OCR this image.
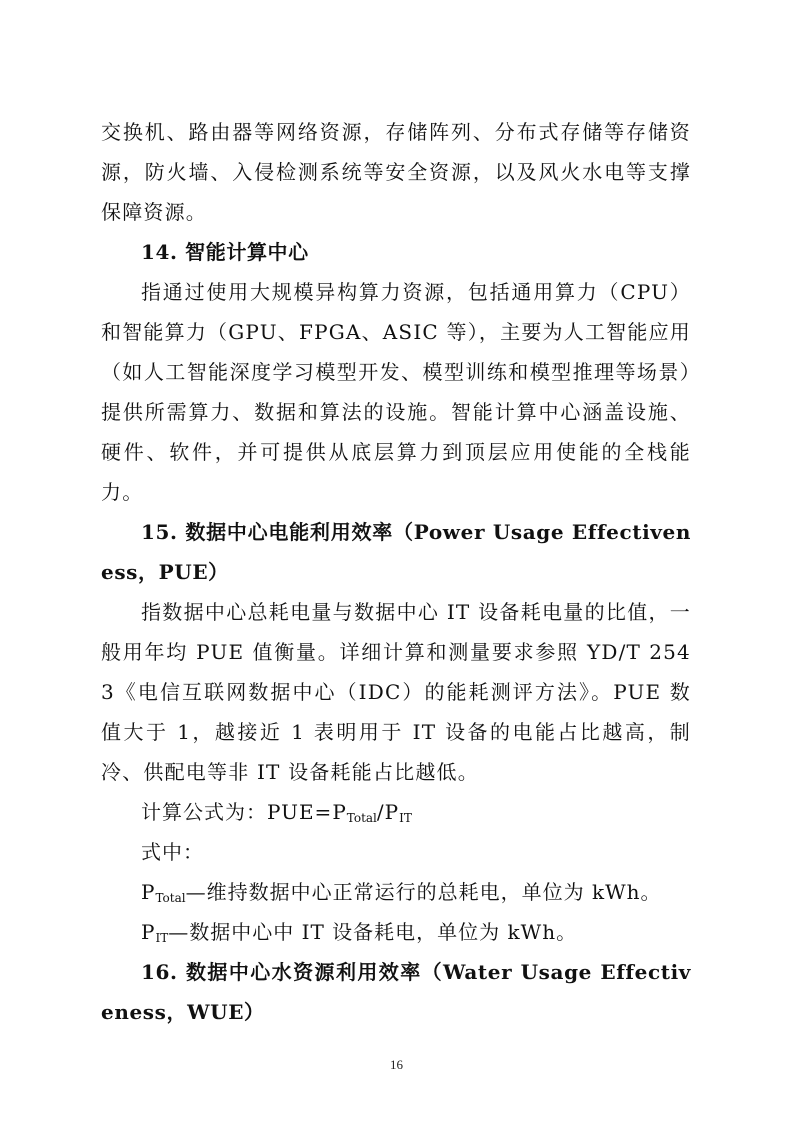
交换机、路由器等网络资源，存储阵列、分布式存储等存储资源，防火墙、入侵检测系统等安全资源，以及风火水电等支撑保障资源。

14. 智能计算中心

指通过使用大规模异构算力资源，包括通用算力（CPU）和智能算力（GPU、FPGA、ASIC 等），主要为人工智能应用（如人工智能深度学习模型开发、模型训练和模型推理等场景）提供所需算力、数据和算法的设施。智能计算中心涵盖设施、硬件、软件，并可提供从底层算力到顶层应用使能的全栈能力。

15. 数据中心电能利用效率（Power Usage Effectiveness，PUE）

指数据中心总耗电量与数据中心 IT 设备耗电量的比值，一般用年均 PUE 值衡量。详细计算和测量要求参照 YD/T 2543《电信互联网数据中心（IDC）的能耗测评方法》。PUE 数值大于 1，越接近 1 表明用于 IT 设备的电能占比越高，制冷、供配电等非 IT 设备耗能占比越低。

计算公式为：$PUE=P_{Total}/P_{IT}$

式中：

$P_{Total}—$维持数据中心正常运行的总耗电，单位为 kWh。

$P_{IT}—$数据中心中 IT 设备耗电，单位为 kWh。

16. 数据中心水资源利用效率（Water Usage Effectiveness，WUE）

16
